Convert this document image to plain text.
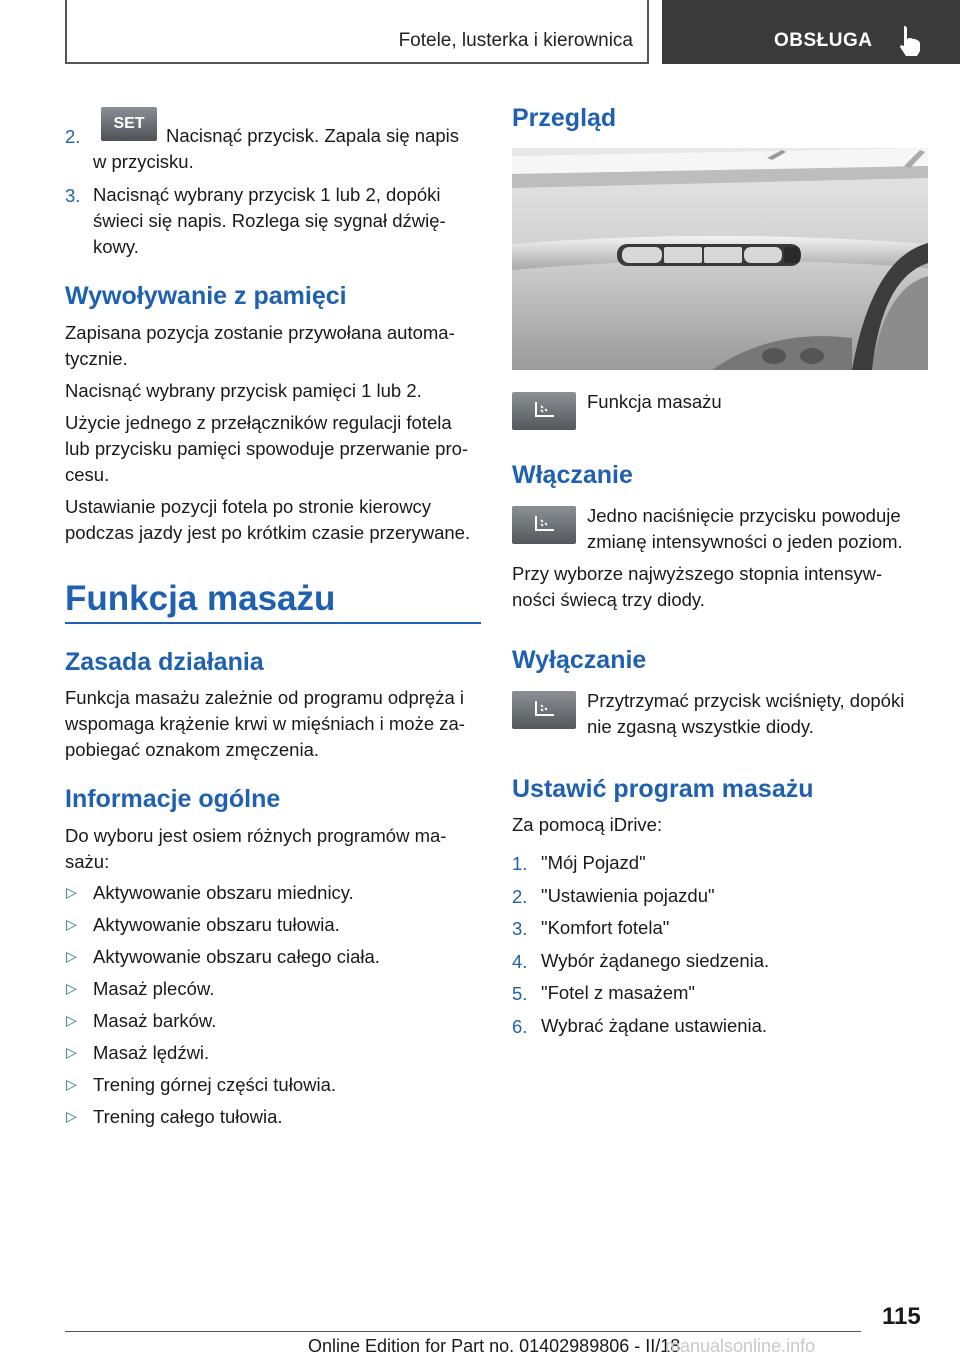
Fotele, lusterka i kierownica	OBSŁUGA
2.
SET
Nacisnąć przycisk. Zapala się napis
w przycisku.
3. Nacisnąć wybrany przycisk 1 lub 2, dopóki
świeci się napis. Rozlega się sygnał dźwię-
kowy.
Wywoływanie z pamięci
Zapisana pozycja zostanie przywołana automa-
tycznie.
Nacisnąć wybrany przycisk pamięci 1 lub 2.
Użycie jednego z przełączników regulacji fotela
lub przycisku pamięci spowoduje przerwanie pro-
cesu.
Ustawianie pozycji fotela po stronie kierowcy
podczas jazdy jest po krótkim czasie przerywane.
Funkcja masażu
Zasada działania
Funkcja masażu zależnie od programu odpręża i
wspomaga krążenie krwi w mięśniach i może za-
pobiegać oznakom zmęczenia.
Informacje ogólne
Do wyboru jest osiem różnych programów ma-
sażu:
▷ Aktywowanie obszaru miednicy.
▷ Aktywowanie obszaru tułowia.
▷ Aktywowanie obszaru całego ciała.
▷ Masaż pleców.
▷ Masaż barków.
▷ Masaż lędźwi.
▷ Trening górnej części tułowia.
▷ Trening całego tułowia.
Przegląd
Funkcja masażu
Włączanie
Jedno naciśnięcie przycisku powoduje
zmianę intensywności o jeden poziom.
Przy wyborze najwyższego stopnia intensyw-
ności świecą trzy diody.
Wyłączanie
Przytrzymać przycisk wciśnięty, dopóki
nie zgasną wszystkie diody.
Ustawić program masażu
Za pomocą iDrive:
1. "Mój Pojazd"
2. "Ustawienia pojazdu"
3. "Komfort fotela"
4. Wybór żądanego siedzenia.
5. "Fotel z masażem"
6. Wybrać żądane ustawienia.
115
Online Edition for Part no. 01402989806 - II/18
manualsonline.info
